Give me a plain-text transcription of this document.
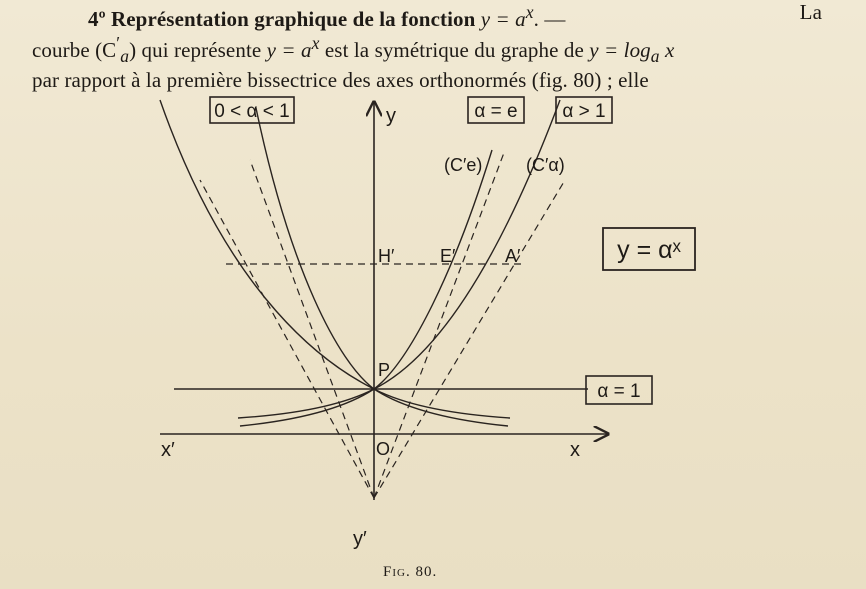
4º Représentation graphique de la fonction $y = a^x$. —	La
courbe $(C'_a)$ qui représente $y = a^x$ est la symétrique du graphe de $y = \log_a x$
par rapport à la première bissectrice des axes orthonormés (fig. 80) ; elle
0 < α < 1	α = e α > 1
y = αˣ
α = 1
(C′e) (C′α)
y
y′
x
x′
H′	E′	A′
P
O
Fig. 80.
